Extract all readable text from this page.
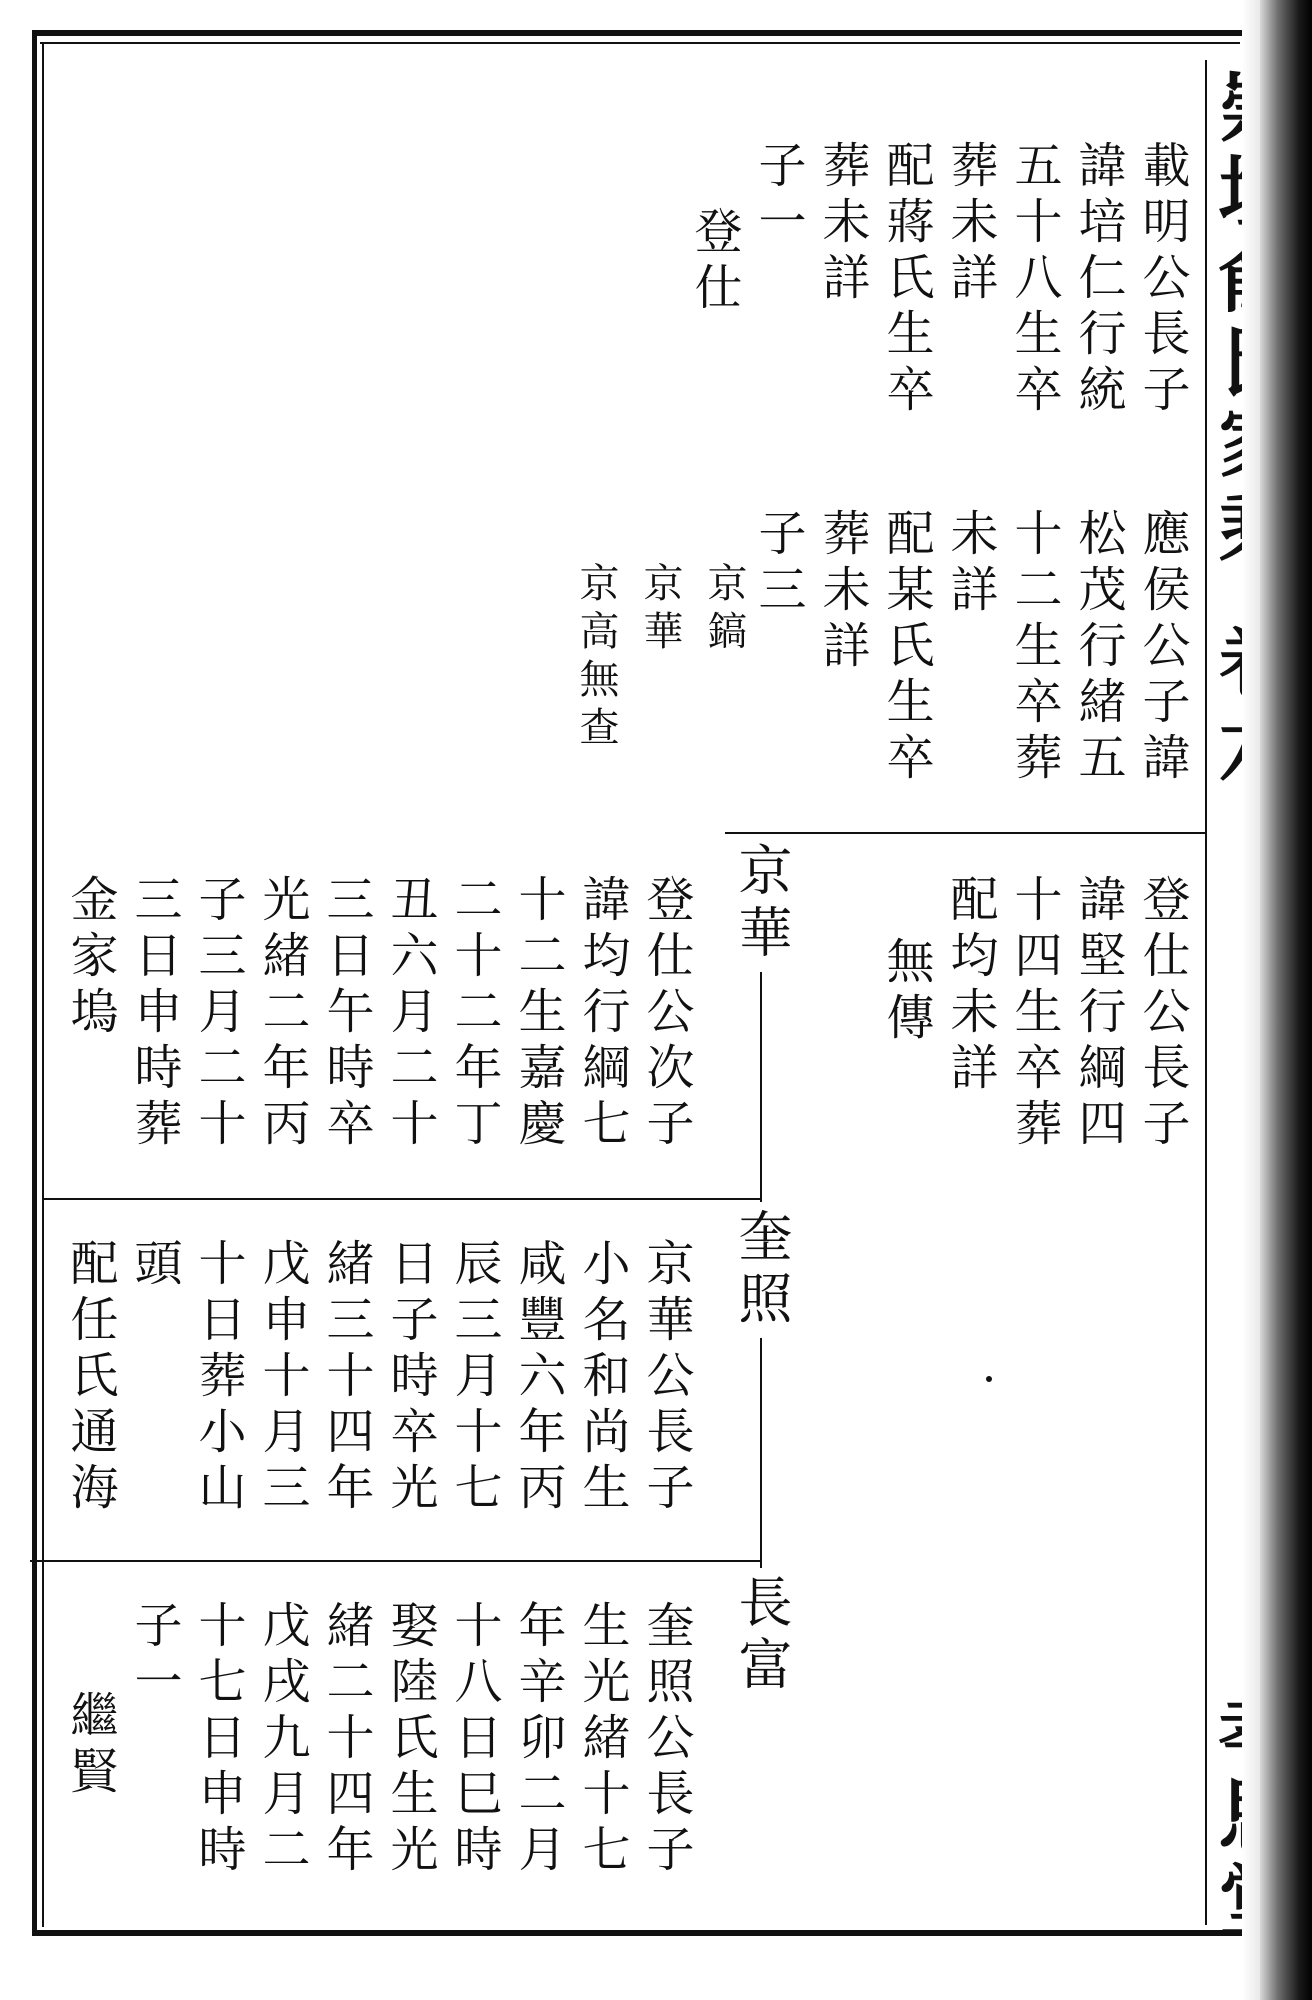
載明公長子
諱培仁行統
五十八生卒
葬未詳
配蔣氏生卒
葬未詳
子一
登仕
應侯公子諱
松茂行緒五
十二生卒葬
未詳
配某氏生卒
葬未詳
子三
京鎬
京華
京高無查
登仕公長子
諱堅行綱四
十四生卒葬
配均未詳
無傳
京華
登仕公次子
諱均行綱七
十二生嘉慶
二十二年丁
丑六月二十
三日午時卒
光緒二年丙
子三月二十
三日申時葬
金家塢
奎照
京華公長子
小名和尚生
咸豐六年丙
辰三月十七
日子時卒光
緒三十四年
戊申十月三
十日葬小山
頭
配任氏通海
長富
奎照公長子
生光緒十七
年辛卯二月
十八日巳時
娶陸氏生光
緒二十四年
戊戌九月二
十七日申時
子一
繼賢
